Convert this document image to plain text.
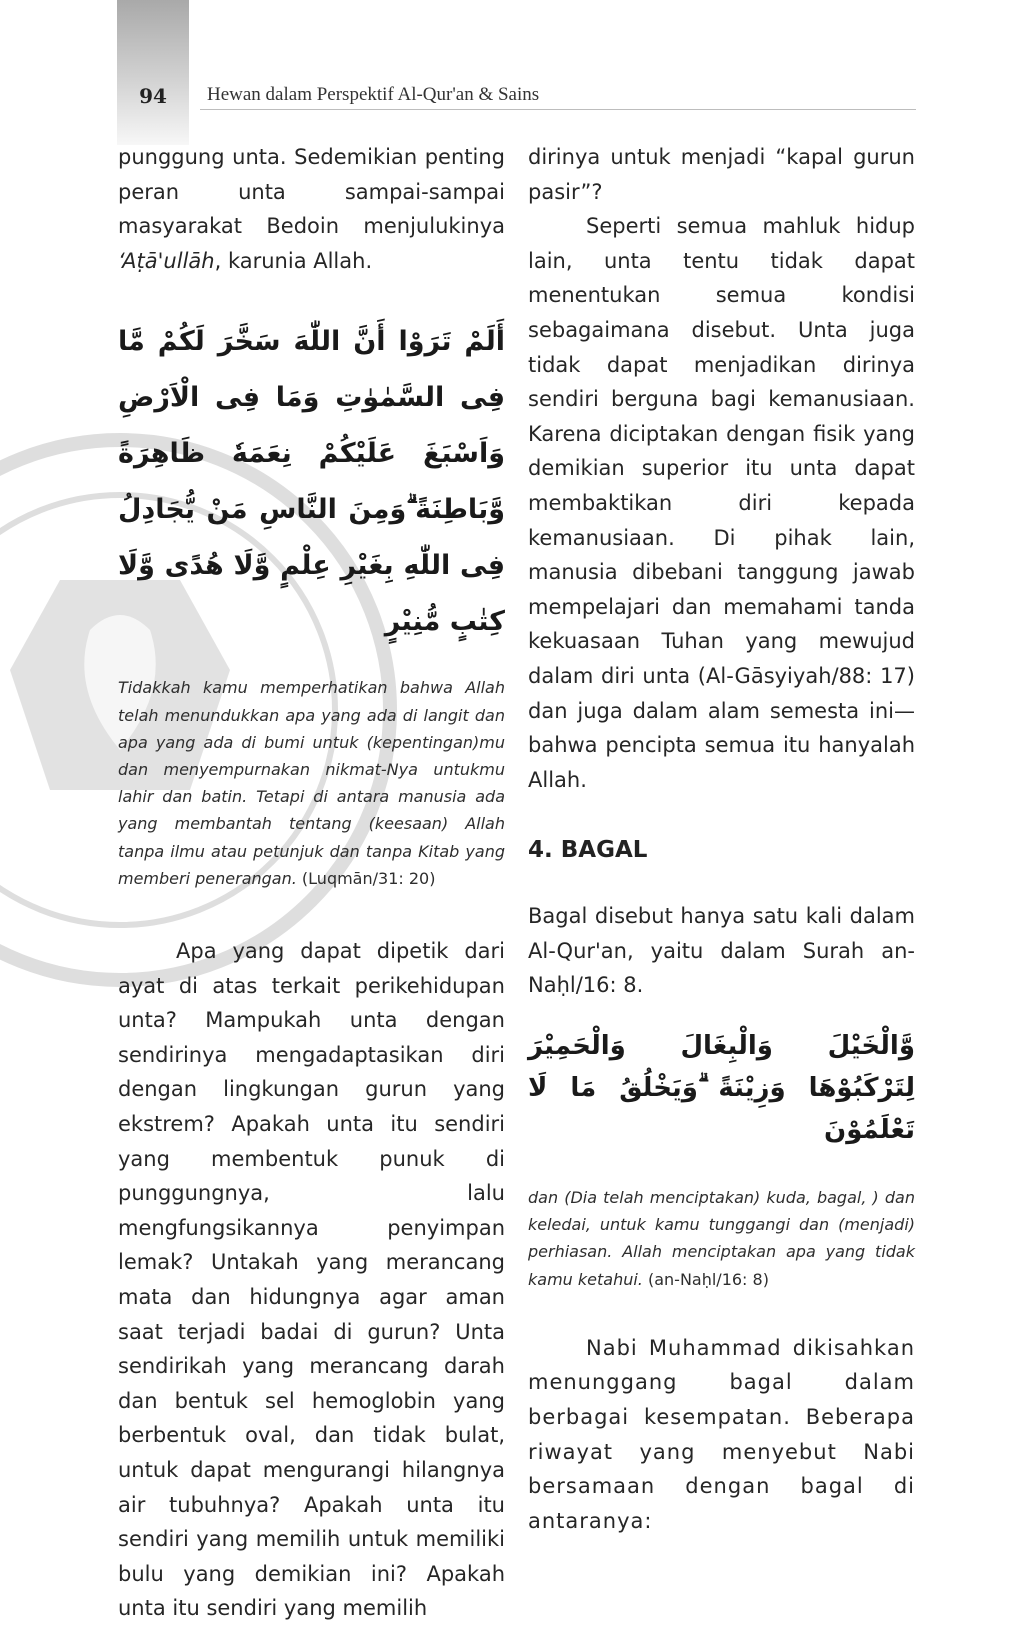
94	Hewan dalam Perspektif Al-Qur'an & Sains

punggung unta. Sedemikian penting peran unta sampai-sampai masyarakat Bedoin menjulukinya ‘Aṭā'ullāh, karunia Allah.

أَلَمْ تَرَوْا أَنَّ اللّٰهَ سَخَّرَ لَكُمْ مَّا فِى السَّمٰوٰتِ وَمَا فِى الْاَرْضِ وَاَسْبَغَ عَلَيْكُمْ نِعَمَهٗ ظَاهِرَةً وَّبَاطِنَةً ۗوَمِنَ النَّاسِ مَنْ يُّجَادِلُ فِى اللّٰهِ بِغَيْرِ عِلْمٍ وَّلَا هُدًى وَّلَا كِتٰبٍ مُّنِيْرٍ

Tidakkah kamu memperhatikan bahwa Allah telah menundukkan apa yang ada di langit dan apa yang ada di bumi untuk (kepentingan)mu dan menyempurnakan nikmat-Nya untukmu lahir dan batin. Tetapi di antara manusia ada yang membantah tentang (keesaan) Allah tanpa ilmu atau petunjuk dan tanpa Kitab yang memberi penerangan. (Luqmān/31: 20)

Apa yang dapat dipetik dari ayat di atas terkait perikehidupan unta? Mampukah unta dengan sendirinya mengadaptasikan diri dengan lingkungan gurun yang ekstrem? Apakah unta itu sendiri yang membentuk punuk di punggungnya, lalu mengfungsikannya penyimpan lemak? Untakah yang merancang mata dan hidungnya agar aman saat terjadi badai di gurun? Unta sendirikah yang merancang darah dan bentuk sel hemoglobin yang berbentuk oval, dan tidak bulat, untuk dapat mengurangi hilangnya air tubuhnya? Apakah unta itu sendiri yang memilih untuk memiliki bulu yang demikian ini? Apakah unta itu sendiri yang memilih

dirinya untuk menjadi “kapal gurun pasir”?

Seperti semua mahluk hidup lain, unta tentu tidak dapat menentukan semua kondisi sebagaimana disebut. Unta juga tidak dapat menjadikan dirinya sendiri berguna bagi kemanusiaan. Karena diciptakan dengan fisik yang demikian superior itu unta dapat membaktikan diri kepada kemanusiaan. Di pihak lain, manusia dibebani tanggung jawab mempelajari dan memahami tanda kekuasaan Tuhan yang mewujud dalam diri unta (Al-Gāsyiyah/88: 17) dan juga dalam alam semesta ini—bahwa pencipta semua itu hanyalah Allah.

4. BAGAL

Bagal disebut hanya satu kali dalam Al-Qur'an, yaitu dalam Surah an-Naḥl/16: 8.

وَّالْخَيْلَ وَالْبِغَالَ وَالْحَمِيْرَ لِتَرْكَبُوْهَا وَزِيْنَةً ۗوَيَخْلُقُ مَا لَا تَعْلَمُوْنَ

dan (Dia telah menciptakan) kuda, bagal, ) dan keledai, untuk kamu tunggangi dan (menjadi) perhiasan. Allah menciptakan apa yang tidak kamu ketahui. (an-Naḥl/16: 8)

Nabi Muhammad dikisahkan menunggang bagal dalam berbagai kesempatan. Beberapa riwayat yang menyebut Nabi bersamaan dengan bagal di antaranya:
